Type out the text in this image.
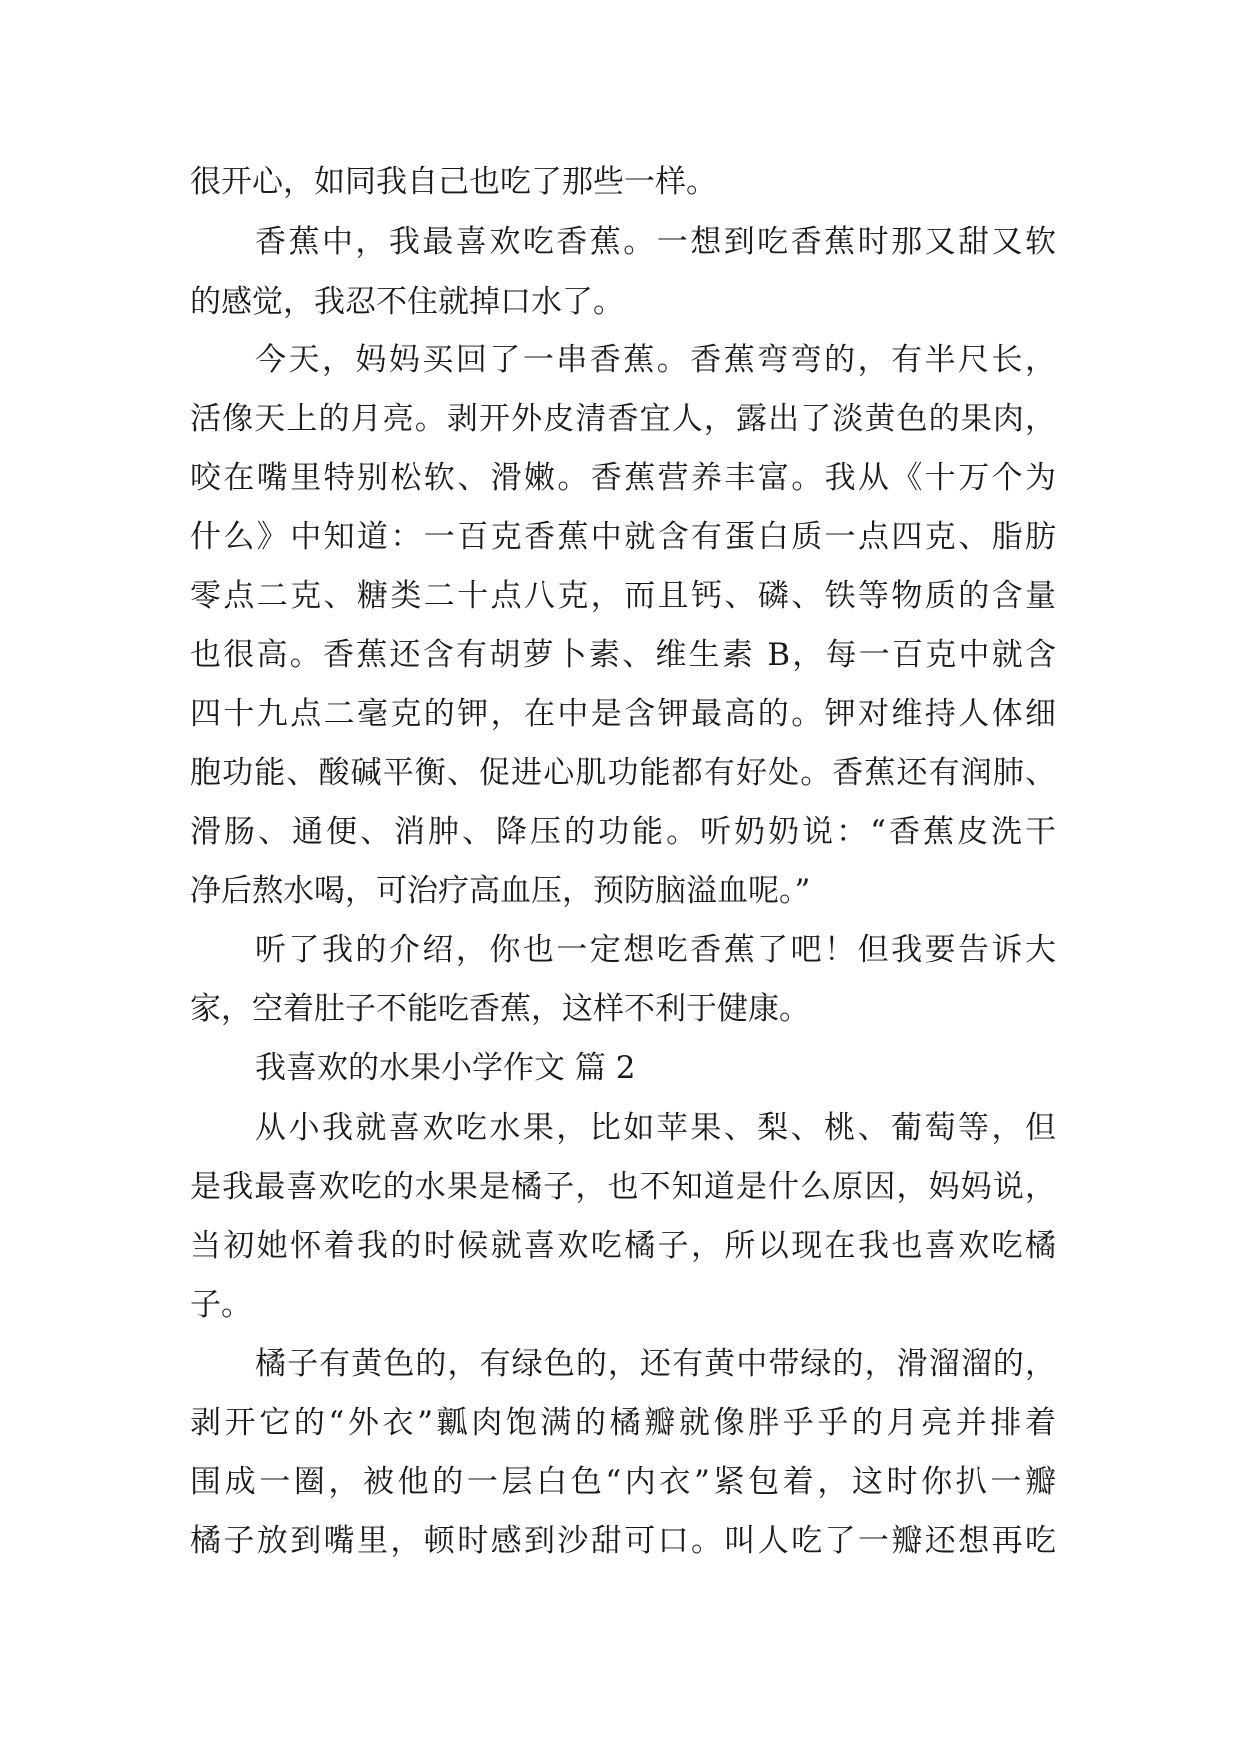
很开心，如同我自己也吃了那些一样。
香蕉中，我最喜欢吃香蕉。一想到吃香蕉时那又甜又软
的感觉，我忍不住就掉口水了。
今天，妈妈买回了一串香蕉。香蕉弯弯的，有半尺长，
活像天上的月亮。剥开外皮清香宜人，露出了淡黄色的果肉，
咬在嘴里特别松软、滑嫩。香蕉营养丰富。我从《十万个为
什么》中知道：一百克香蕉中就含有蛋白质一点四克、脂肪
零点二克、糖类二十点八克，而且钙、磷、铁等物质的含量
也很高。香蕉还含有胡萝卜素、维生素 B，每一百克中就含
四十九点二毫克的钾，在中是含钾最高的。钾对维持人体细
胞功能、酸碱平衡、促进心肌功能都有好处。香蕉还有润肺、
滑肠、通便、消肿、降压的功能。听奶奶说：“香蕉皮洗干
净后熬水喝，可治疗高血压，预防脑溢血呢。”
听了我的介绍，你也一定想吃香蕉了吧！但我要告诉大
家，空着肚子不能吃香蕉，这样不利于健康。
我喜欢的水果小学作文 篇 2
从小我就喜欢吃水果，比如苹果、梨、桃、葡萄等，但
是我最喜欢吃的水果是橘子，也不知道是什么原因，妈妈说，
当初她怀着我的时候就喜欢吃橘子，所以现在我也喜欢吃橘
子。
橘子有黄色的，有绿色的，还有黄中带绿的，滑溜溜的，
剥开它的“外衣”瓤肉饱满的橘瓣就像胖乎乎的月亮并排着
围成一圈，被他的一层白色“内衣”紧包着，这时你扒一瓣
橘子放到嘴里，顿时感到沙甜可口。叫人吃了一瓣还想再吃
